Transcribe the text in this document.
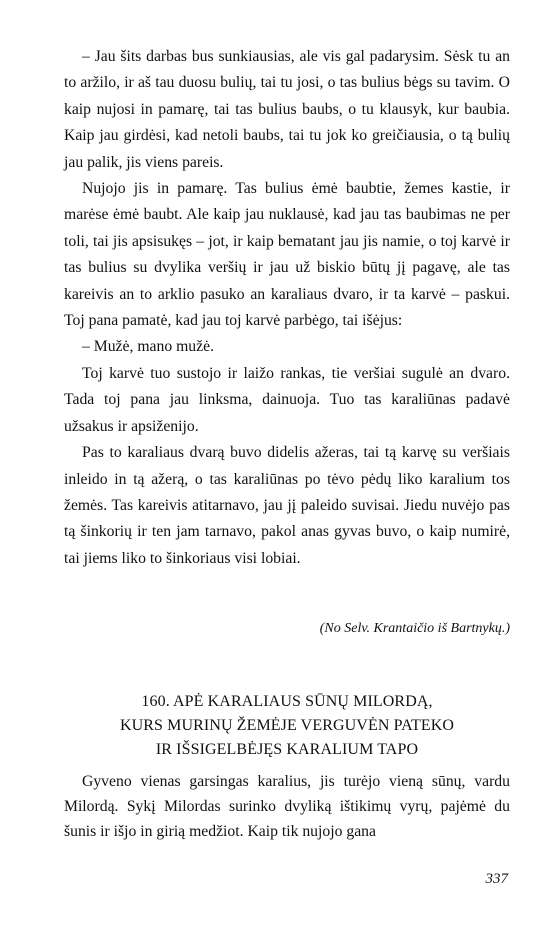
– Jau šits darbas bus sunkiausias, ale vis gal padarysim. Sėsk tu an to aržilo, ir aš tau duosu bulių, tai tu josi, o tas bulius bėgs su tavim. O kaip nujosi in pamarę, tai tas bulius baubs, o tu klausyk, kur baubia. Kaip jau girdėsi, kad netoli baubs, tai tu jok ko greičiausia, o tą bulių jau palik, jis viens pareis.

Nujojo jis in pamarę. Tas bulius ėmė baubtie, žemes kastie, ir marėse ėmė baubt. Ale kaip jau nuklausė, kad jau tas baubimas ne per toli, tai jis apsisukęs – jot, ir kaip bematant jau jis namie, o toj karvė ir tas bulius su dvylika veršių ir jau už biskio būtų jį pagavę, ale tas kareivis an to arklio pasuko an karaliaus dvaro, ir ta karvė – paskui. Toj pana pamatė, kad jau toj karvė parbėgo, tai išėjus:

– Mužė, mano mužė.

Toj karvė tuo sustojo ir laižo rankas, tie veršiai sugulė an dvaro. Tada toj pana jau linksma, dainuoja. Tuo tas karaliūnas padavė užsakus ir apsiženijo.

Pas to karaliaus dvarą buvo didelis ažeras, tai tą karvę su veršiais inleido in tą ažerą, o tas karaliūnas po tėvo pėdų liko karalium tos žemės. Tas kareivis atitarnavo, jau jį paleido suvisai. Jiedu nuvėjo pas tą šinkorių ir ten jam tarnavo, pakol anas gyvas buvo, o kaip numirė, tai jiems liko to šinkoriaus visi lobiai.

(No Selv. Krantaičio iš Bartnykų.)
160. APĖ KARALIAUS SŪNŲ MILORDĄ,
KURS MURINŲ ŽEMĖJE VERGUVĖN PATEKO
IR IŠSIGELBĖJĘS KARALIUM TAPO

Gyveno vienas garsingas karalius, jis turėjo vieną sūnų, vardu Milordą. Sykį Milordas surinko dvyliką ištikimų vyrų, pajėmė du šunis ir išjo in girią medžiot. Kaip tik nujojo gana

337
